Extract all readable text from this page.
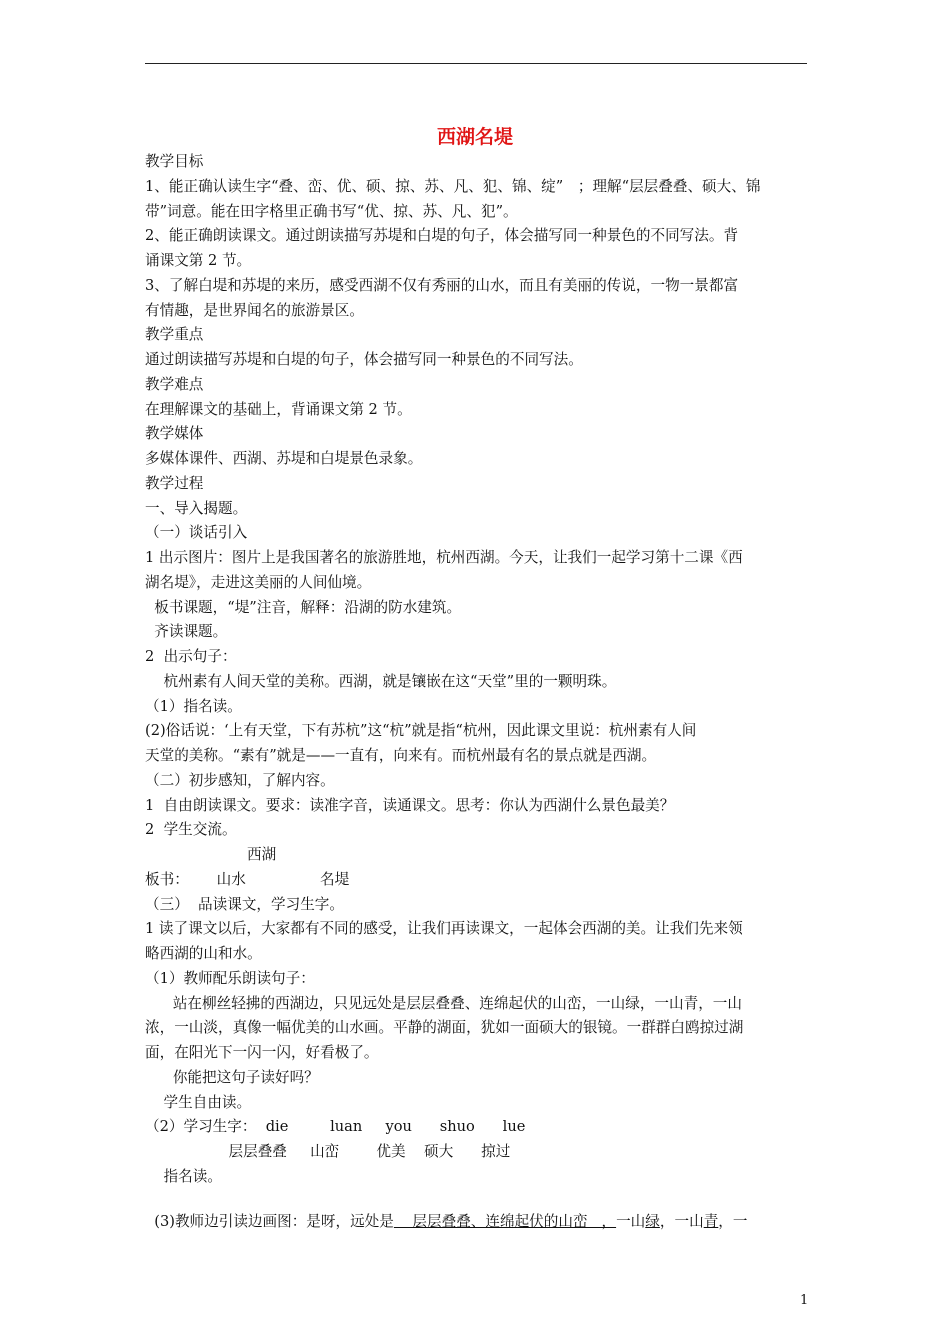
西湖名堤
教学目标
1、能正确认读生字“叠、峦、优、硕、掠、苏、凡、犯、锦、绽”　；理解“层层叠叠、硕大、锦
带”词意。能在田字格里正确书写“优、掠、苏、凡、犯”。
2、能正确朗读课文。通过朗读描写苏堤和白堤的句子，体会描写同一种景色的不同写法。背
诵课文第 2 节。
3、了解白堤和苏堤的来历，感受西湖不仅有秀丽的山水，而且有美丽的传说，一物一景都富
有情趣，是世界闻名的旅游景区。
教学重点
通过朗读描写苏堤和白堤的句子，体会描写同一种景色的不同写法。
教学难点
在理解课文的基础上，背诵课文第 2 节。
教学媒体
多媒体课件、西湖、苏堤和白堤景色录象。
教学过程
一、导入揭题。
（一）谈话引入
1 出示图片：图片上是我国著名的旅游胜地，杭州西湖。今天，让我们一起学习第十二课《西
湖名堤》，走进这美丽的人间仙境。
板书课题，“堤”注音，解释：沿湖的防水建筑。
齐读课题。
2  出示句子：
杭州素有人间天堂的美称。西湖，就是镶嵌在这“天堂”里的一颗明珠。
（1）指名读。
(2)俗话说：‘上有天堂，下有苏杭”这“杭”就是指“杭州，因此课文里说：杭州素有人间
天堂的美称。“素有”就是——一直有，向来有。而杭州最有名的景点就是西湖。
（二）初步感知，了解内容。
1  自由朗读课文。要求：读准字音，读通课文。思考：你认为西湖什么景色最美？
2  学生交流。
西湖
板书：      山水                名堤
（三）  品读课文，学习生字。
1 读了课文以后，大家都有不同的感受，让我们再读课文，一起体会西湖的美。让我们先来领
略西湖的山和水。
（1）教师配乐朗读句子：
站在柳丝轻拂的西湖边，只见远处是层层叠叠、连绵起伏的山峦，一山绿，一山青，一山
浓，一山淡，真像一幅优美的山水画。平静的湖面，犹如一面硕大的银镜。一群群白鸥掠过湖
面，在阳光下一闪一闪，好看极了。
你能把这句子读好吗？
学生自由读。
（2）学习生字：  die         luan     you      shuo      lue
层层叠叠     山峦        优美    硕大      掠过
指名读。

(3)教师边引读边画图：是呀，远处是    层层叠叠、连绵起伏的山峦   ，一山绿，一山青，一

1
